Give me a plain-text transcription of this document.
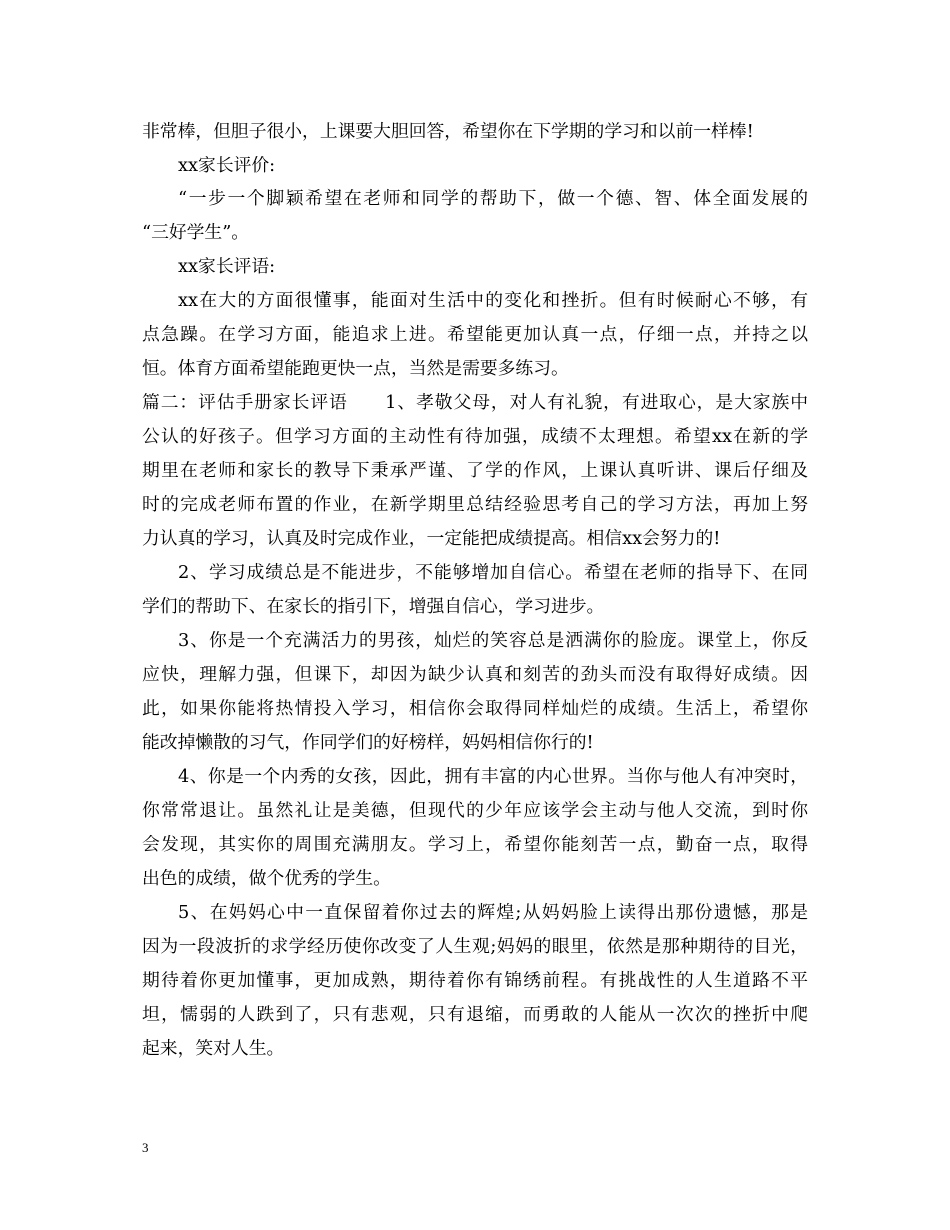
非常棒，但胆子很小，上课要大胆回答，希望你在下学期的学习和以前一样棒!

xx家长评价:

“一步一个脚颖希望在老师和同学的帮助下，做一个德、智、体全面发展的

“三好学生”。

xx家长评语:

xx在大的方面很懂事，能面对生活中的变化和挫折。但有时候耐心不够，有

点急躁。在学习方面，能追求上进。希望能更加认真一点，仔细一点，并持之以

恒。体育方面希望能跑更快一点，当然是需要多练习。

篇二：评估手册家长评语　　1、孝敬父母，对人有礼貌，有进取心，是大家族中

公认的好孩子。但学习方面的主动性有待加强，成绩不太理想。希望xx在新的学

期里在老师和家长的教导下秉承严谨、了学的作风，上课认真听讲、课后仔细及

时的完成老师布置的作业，在新学期里总结经验思考自己的学习方法，再加上努

力认真的学习，认真及时完成作业，一定能把成绩提高。相信xx会努力的!

2、学习成绩总是不能进步，不能够增加自信心。希望在老师的指导下、在同

学们的帮助下、在家长的指引下，增强自信心，学习进步。

3、你是一个充满活力的男孩，灿烂的笑容总是洒满你的脸庞。课堂上，你反

应快，理解力强，但课下，却因为缺少认真和刻苦的劲头而没有取得好成绩。因

此，如果你能将热情投入学习，相信你会取得同样灿烂的成绩。生活上，希望你

能改掉懒散的习气，作同学们的好榜样，妈妈相信你行的!

4、你是一个内秀的女孩，因此，拥有丰富的内心世界。当你与他人有冲突时，

你常常退让。虽然礼让是美德，但现代的少年应该学会主动与他人交流，到时你

会发现，其实你的周围充满朋友。学习上，希望你能刻苦一点，勤奋一点，取得

出色的成绩，做个优秀的学生。

5、在妈妈心中一直保留着你过去的辉煌;从妈妈脸上读得出那份遗憾，那是

因为一段波折的求学经历使你改变了人生观;妈妈的眼里，依然是那种期待的目光，

期待着你更加懂事，更加成熟，期待着你有锦绣前程。有挑战性的人生道路不平

坦，懦弱的人跌到了，只有悲观，只有退缩，而勇敢的人能从一次次的挫折中爬

起来，笑对人生。

3
